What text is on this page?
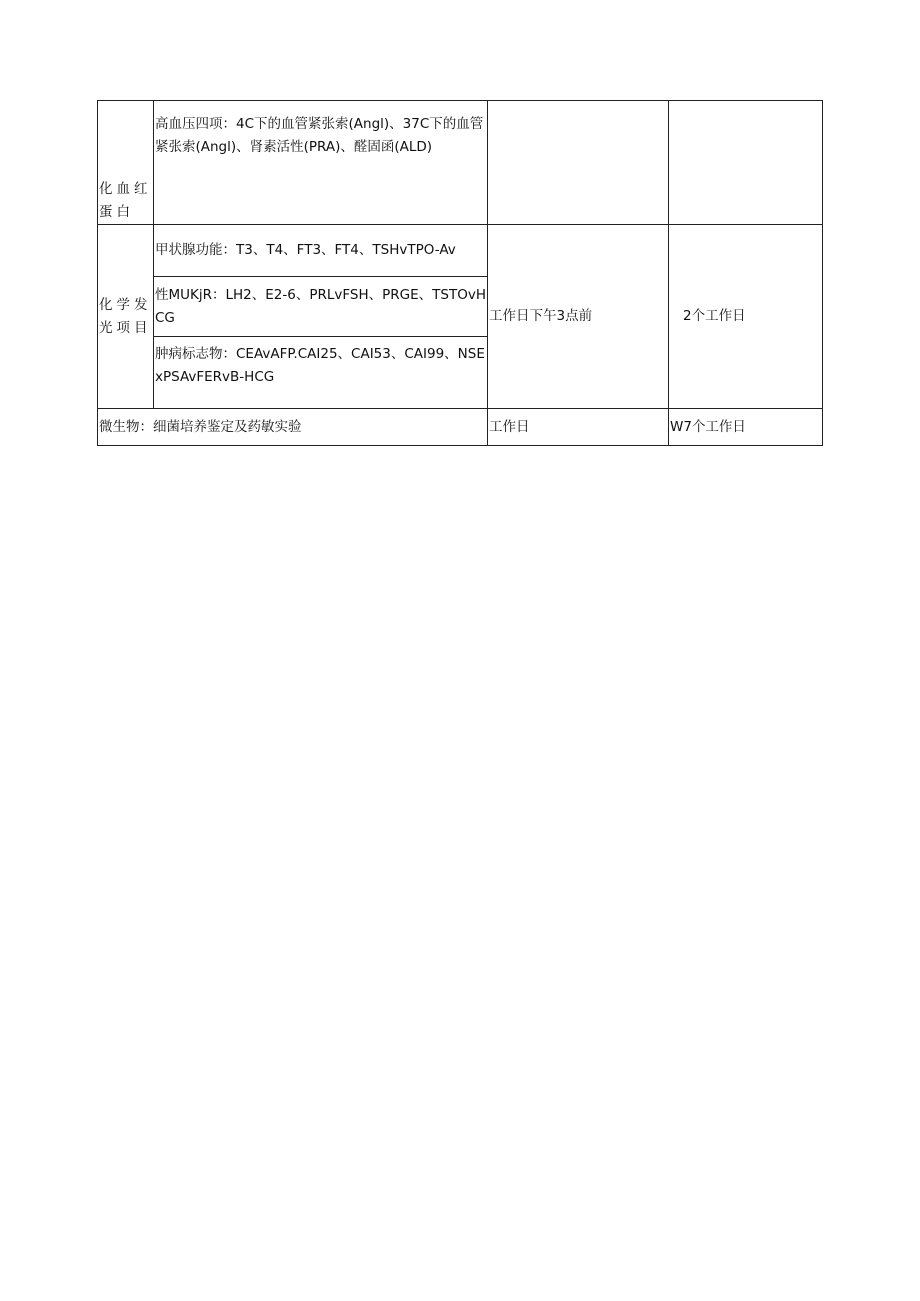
化血红蛋白	高血压四项：4C下的血管紧张索(Angl)、37C下的血管紧张索(Angl)、肾素活性(PRA)、醛固函(ALD)		
化学发光项目	甲状腺功能：T3、T4、FT3、FT4、TSHvTPO-Av	工作日下午3点前	2个工作日
	性MUKjR：LH2、E2-6、PRLvFSH、PRGE、TSTOvHCG		
	肿病标志物：CEAvAFP.CAI25、CAI53、CAI99、NSExPSAvFERvB-HCG		
微生物：细菌培养鉴定及药敏实验		工作日	W7个工作日
